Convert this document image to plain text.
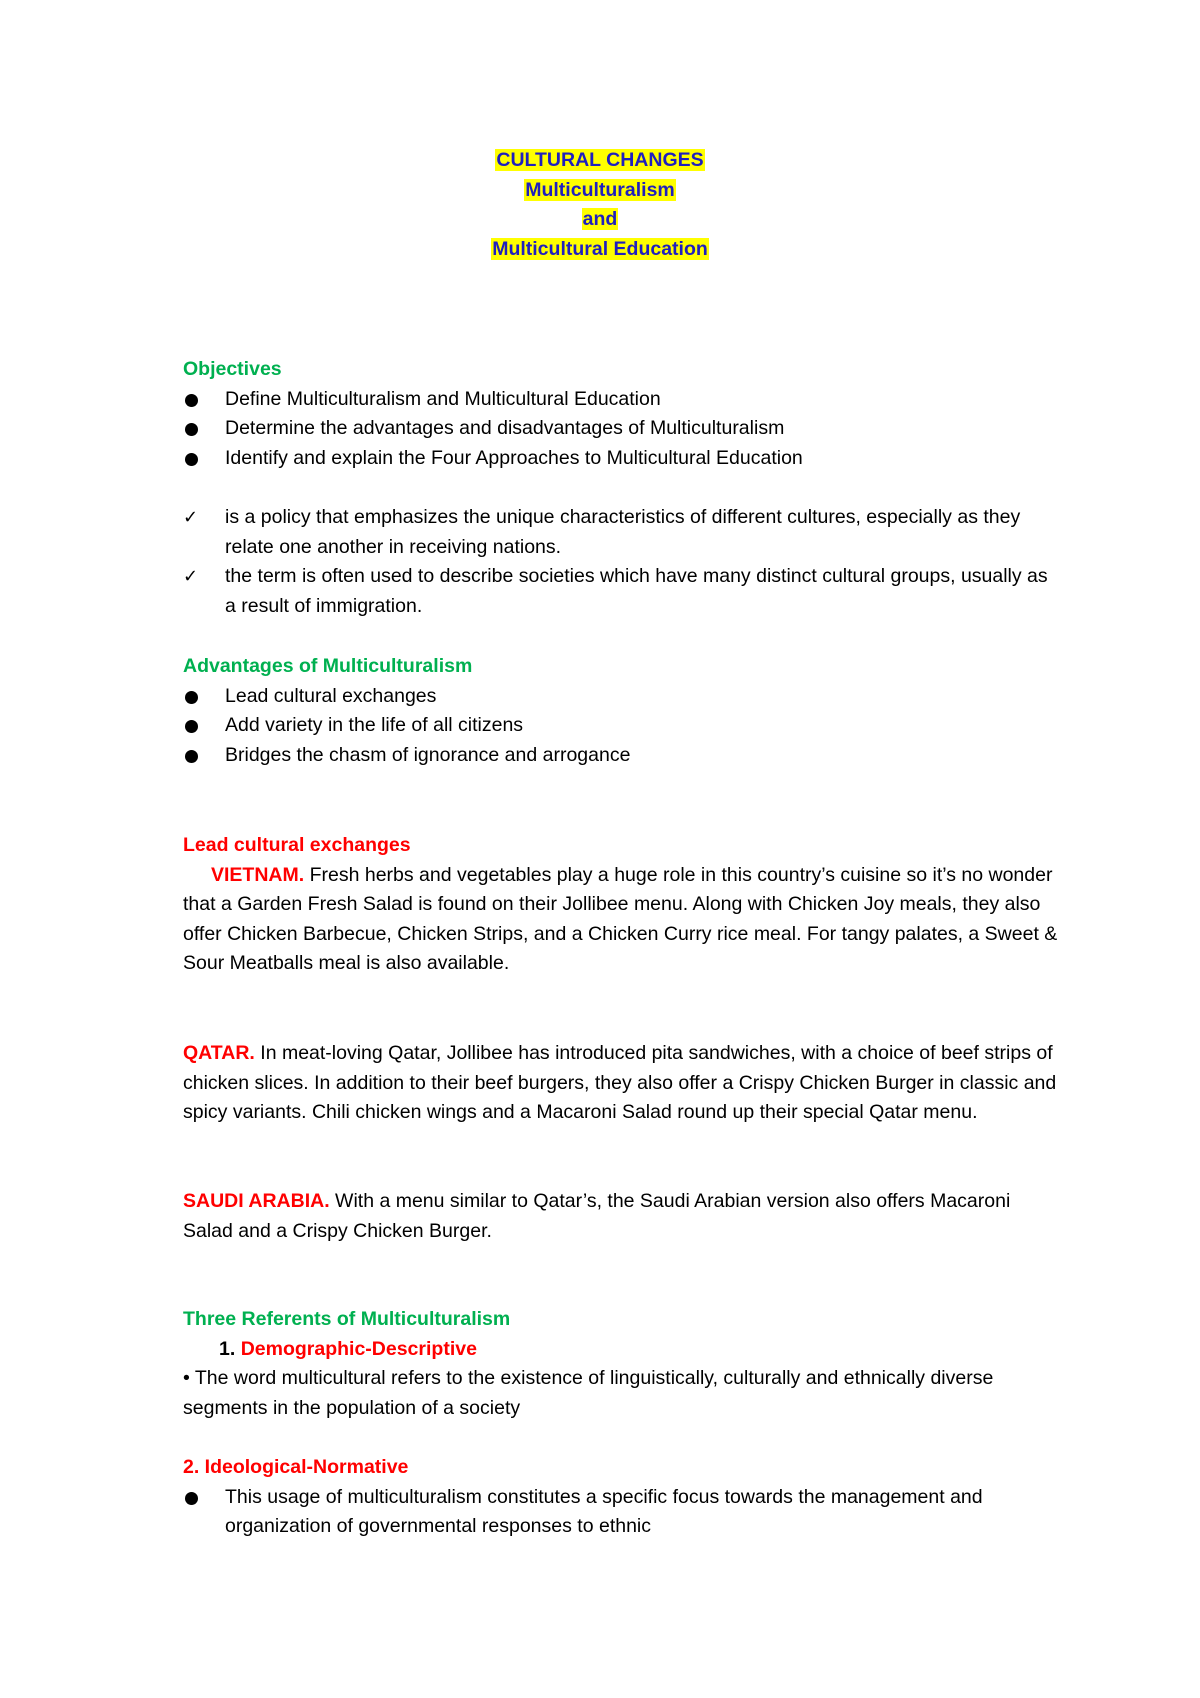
CULTURAL CHANGES
Multiculturalism
and
Multicultural Education

Objectives

Define Multiculturalism and Multicultural Education
Determine the advantages and disadvantages of Multiculturalism
Identify and explain the Four Approaches to Multicultural Education
✓ is a policy that emphasizes the unique characteristics of different cultures, especially as they relate one another in receiving nations.
✓ the term is often used to describe societies which have many distinct cultural groups, usually as a result of immigration.

Advantages of Multiculturalism

Lead cultural exchanges
Add variety in the life of all citizens
Bridges the chasm of ignorance and arrogance

Lead cultural exchanges

VIETNAM. Fresh herbs and vegetables play a huge role in this country’s cuisine so it’s no wonder that a Garden Fresh Salad is found on their Jollibee menu. Along with Chicken Joy meals, they also offer Chicken Barbecue, Chicken Strips, and a Chicken Curry rice meal. For tangy palates, a Sweet & Sour Meatballs meal is also available.

QATAR. In meat-loving Qatar, Jollibee has introduced pita sandwiches, with a choice of beef strips of chicken slices. In addition to their beef burgers, they also offer a Crispy Chicken Burger in classic and spicy variants. Chili chicken wings and a Macaroni Salad round up their special Qatar menu.

SAUDI ARABIA. With a menu similar to Qatar’s, the Saudi Arabian version also offers Macaroni Salad and a Crispy Chicken Burger.

Three Referents of Multiculturalism

1. Demographic-Descriptive

• The word multicultural refers to the existence of linguistically, culturally and ethnically diverse segments in the population of a society

2. Ideological-Normative

This usage of multiculturalism constitutes a specific focus towards the management and organization of governmental responses to ethnic
